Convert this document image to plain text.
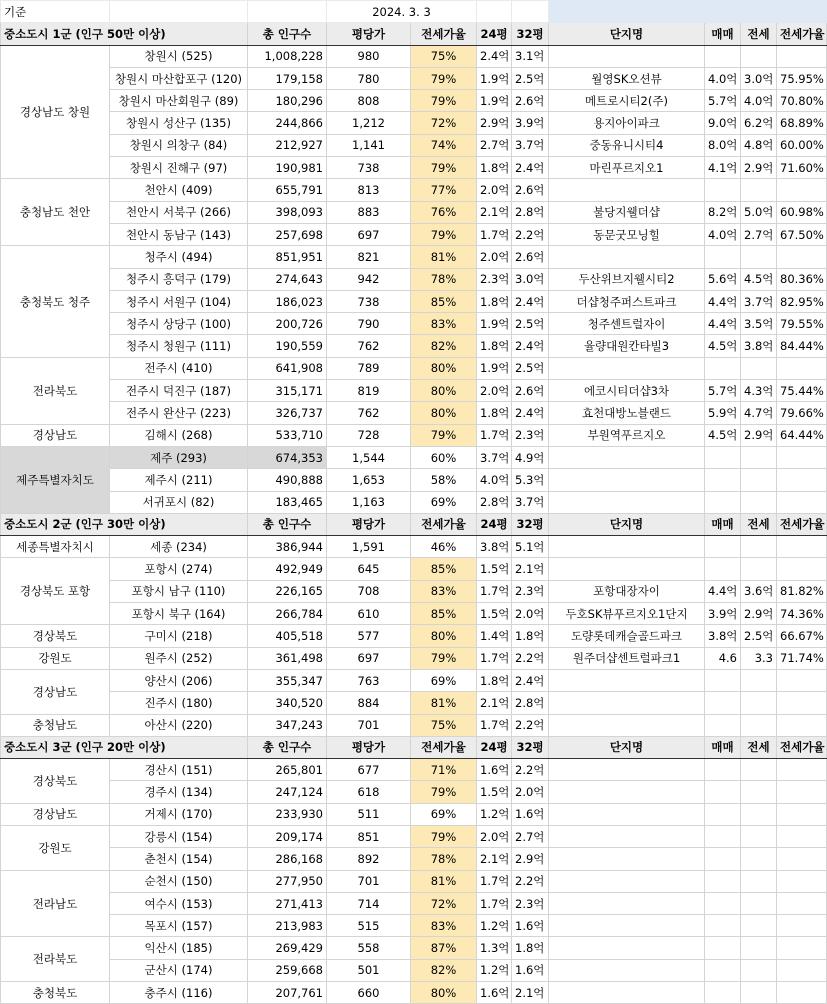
기준			2024. 3. 3							
중소도시 1군 (인구 50만 이상)		총 인구수	평당가	전세가율	24평	32평	단지명	매매	전세	전세가율
경상남도 창원	창원시 (525)	1,008,228	980	75%	2.4억	3.1억				
	창원시 마산합포구 (120)	179,158	780	79%	1.9억	2.5억	월영SK오션뷰	4.0억	3.0억	75.95%
	창원시 마산회원구 (89)	180,296	808	79%	1.9억	2.6억	메트로시티2(주)	5.7억	4.0억	70.80%
	창원시 성산구 (135)	244,866	1,212	72%	2.9억	3.9억	용지아이파크	9.0억	6.2억	68.89%
	창원시 의창구 (84)	212,927	1,141	74%	2.7억	3.7억	중동유니시티4	8.0억	4.8억	60.00%
	창원시 진해구 (97)	190,981	738	79%	1.8억	2.4억	마린푸르지오1	4.1억	2.9억	71.60%
충청남도 천안	천안시 (409)	655,791	813	77%	2.0억	2.6억				
	천안시 서북구 (266)	398,093	883	76%	2.1억	2.8억	불당지웰더샵	8.2억	5.0억	60.98%
	천안시 동남구 (143)	257,698	697	79%	1.7억	2.2억	동문굿모닝힐	4.0억	2.7억	67.50%
충청북도 청주	청주시 (494)	851,951	821	81%	2.0억	2.6억				
	청주시 흥덕구 (179)	274,643	942	78%	2.3억	3.0억	두산위브지웰시티2	5.6억	4.5억	80.36%
	청주시 서원구 (104)	186,023	738	85%	1.8억	2.4억	더샵청주퍼스트파크	4.4억	3.7억	82.95%
	청주시 상당구 (100)	200,726	790	83%	1.9억	2.5억	청주센트럴자이	4.4억	3.5억	79.55%
	청주시 청원구 (111)	190,559	762	82%	1.8억	2.4억	율량대원칸타빌3	4.5억	3.8억	84.44%
전라북도	전주시 (410)	641,908	789	80%	1.9억	2.5억				
	전주시 덕진구 (187)	315,171	819	80%	2.0억	2.6억	에코시티더샵3차	5.7억	4.3억	75.44%
	전주시 완산구 (223)	326,737	762	80%	1.8억	2.4억	효천대방노블랜드	5.9억	4.7억	79.66%
경상남도	김해시 (268)	533,710	728	79%	1.7억	2.3억	부원역푸르지오	4.5억	2.9억	64.44%
제주특별자치도	제주 (293)	674,353	1,544	60%	3.7억	4.9억				
	제주시 (211)	490,888	1,653	58%	4.0억	5.3억				
	서귀포시 (82)	183,465	1,163	69%	2.8억	3.7억				
중소도시 2군 (인구 30만 이상)		총 인구수	평당가	전세가율	24평	32평	단지명	매매	전세	전세가율
세종특별자치시	세종 (234)	386,944	1,591	46%	3.8억	5.1억				
경상북도 포항	포항시 (274)	492,949	645	85%	1.5억	2.1억				
	포항시 남구 (110)	226,165	708	83%	1.7억	2.3억	포항대장자이	4.4억	3.6억	81.82%
	포항시 북구 (164)	266,784	610	85%	1.5억	2.0억	두호SK뷰푸르지오1단지	3.9억	2.9억	74.36%
경상북도	구미시 (218)	405,518	577	80%	1.4억	1.8억	도량롯데캐슬골드파크	3.8억	2.5억	66.67%
강원도	원주시 (252)	361,498	697	79%	1.7억	2.2억	원주더샵센트럴파크1	4.6	3.3	71.74%
경상남도	양산시 (206)	355,347	763	69%	1.8억	2.4억				
	진주시 (180)	340,520	884	81%	2.1억	2.8억				
충청남도	아산시 (220)	347,243	701	75%	1.7억	2.2억				
중소도시 3군 (인구 20만 이상)		총 인구수	평당가	전세가율	24평	32평	단지명	매매	전세	전세가율
경상북도	경산시 (151)	265,801	677	71%	1.6억	2.2억				
	경주시 (134)	247,124	618	79%	1.5억	2.0억				
경상남도	거제시 (170)	233,930	511	69%	1.2억	1.6억				
강원도	강릉시 (154)	209,174	851	79%	2.0억	2.7억				
	춘천시 (154)	286,168	892	78%	2.1억	2.9억				
전라남도	순천시 (150)	277,950	701	81%	1.7억	2.2억				
	여수시 (153)	271,413	714	72%	1.7억	2.3억				
	목포시 (157)	213,983	515	83%	1.2억	1.6억				
전라북도	익산시 (185)	269,429	558	87%	1.3억	1.8억				
	군산시 (174)	259,668	501	82%	1.2억	1.6억				
충청북도	충주시 (116)	207,761	660	80%	1.6억	2.1억				
